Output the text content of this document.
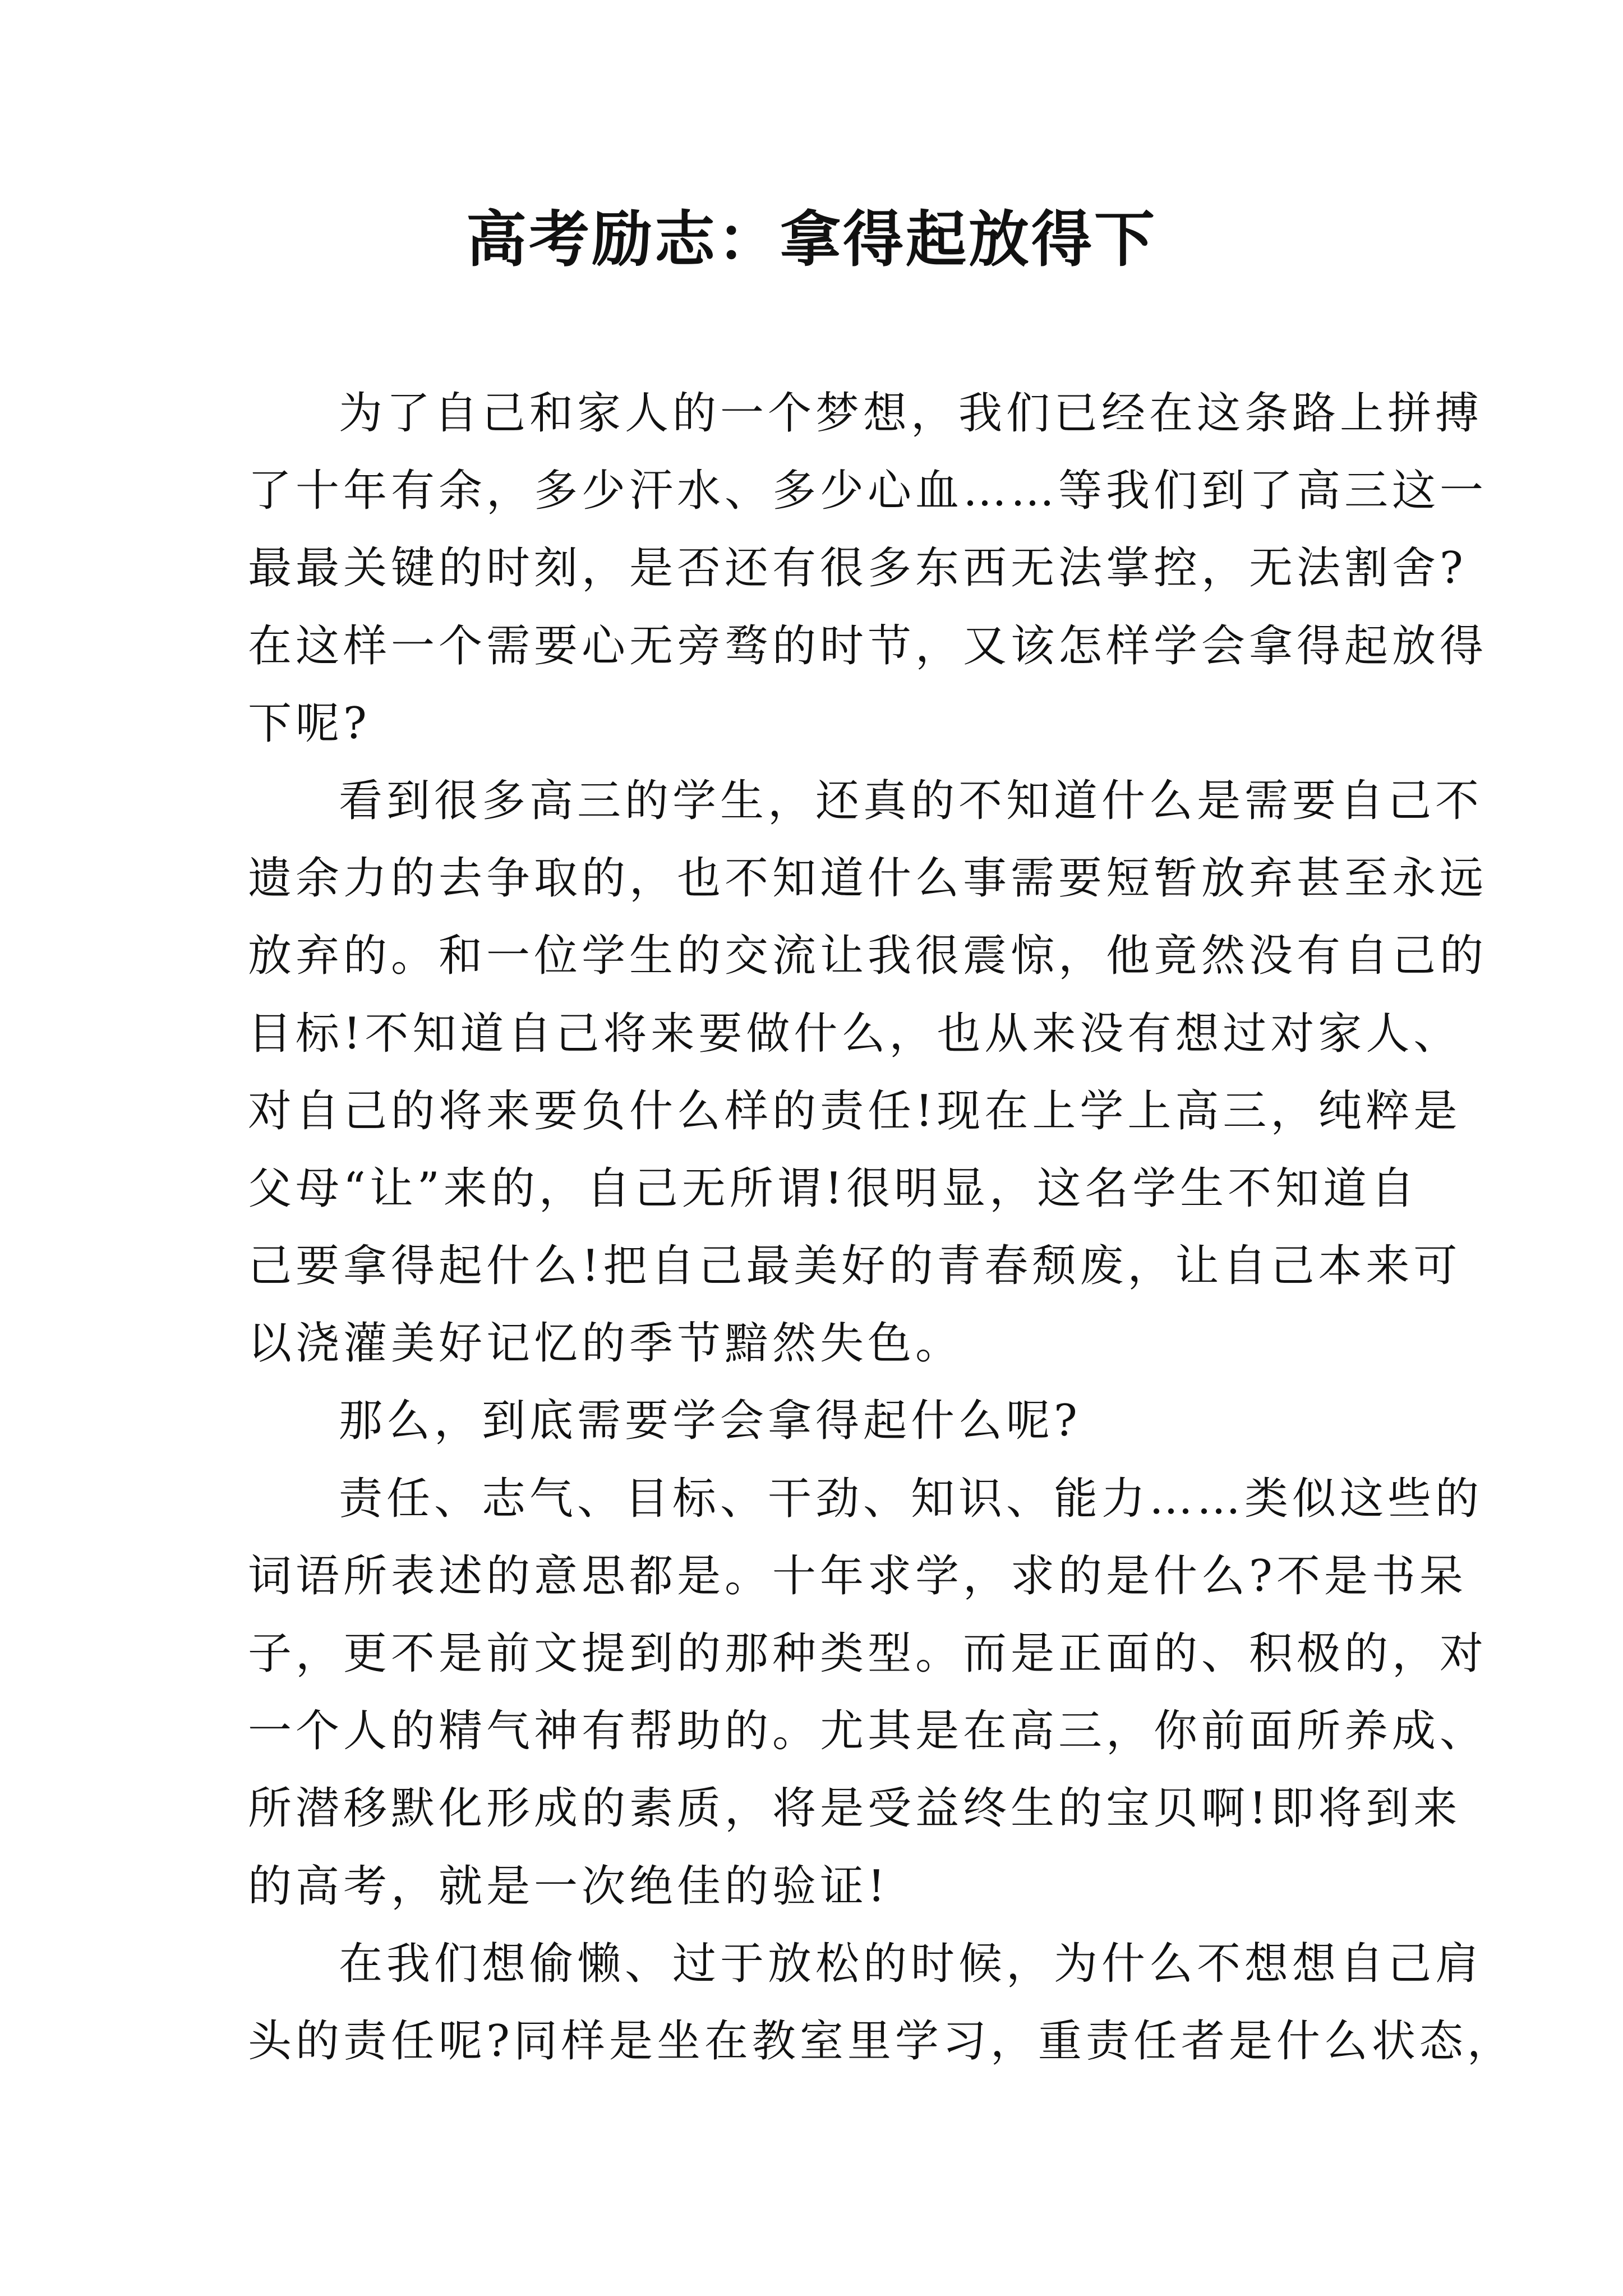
高考励志：拿得起放得下
为了自己和家人的一个梦想，我们已经在这条路上拼搏
了十年有余，多少汗水、多少心血……等我们到了高三这一
最最关键的时刻，是否还有很多东西无法掌控，无法割舍?
在这样一个需要心无旁骛的时节，又该怎样学会拿得起放得
下呢?
看到很多高三的学生，还真的不知道什么是需要自己不
遗余力的去争取的，也不知道什么事需要短暂放弃甚至永远
放弃的。和一位学生的交流让我很震惊，他竟然没有自己的
目标!不知道自己将来要做什么，也从来没有想过对家人、
对自己的将来要负什么样的责任!现在上学上高三，纯粹是
父母“让”来的，自己无所谓!很明显，这名学生不知道自
己要拿得起什么!把自己最美好的青春颓废，让自己本来可
以浇灌美好记忆的季节黯然失色。
那么，到底需要学会拿得起什么呢?
责任、志气、目标、干劲、知识、能力……类似这些的
词语所表述的意思都是。十年求学，求的是什么?不是书呆
子，更不是前文提到的那种类型。而是正面的、积极的，对
一个人的精气神有帮助的。尤其是在高三，你前面所养成、
所潜移默化形成的素质，将是受益终生的宝贝啊!即将到来
的高考，就是一次绝佳的验证!
在我们想偷懒、过于放松的时候，为什么不想想自己肩
头的责任呢?同样是坐在教室里学习，重责任者是什么状态，
